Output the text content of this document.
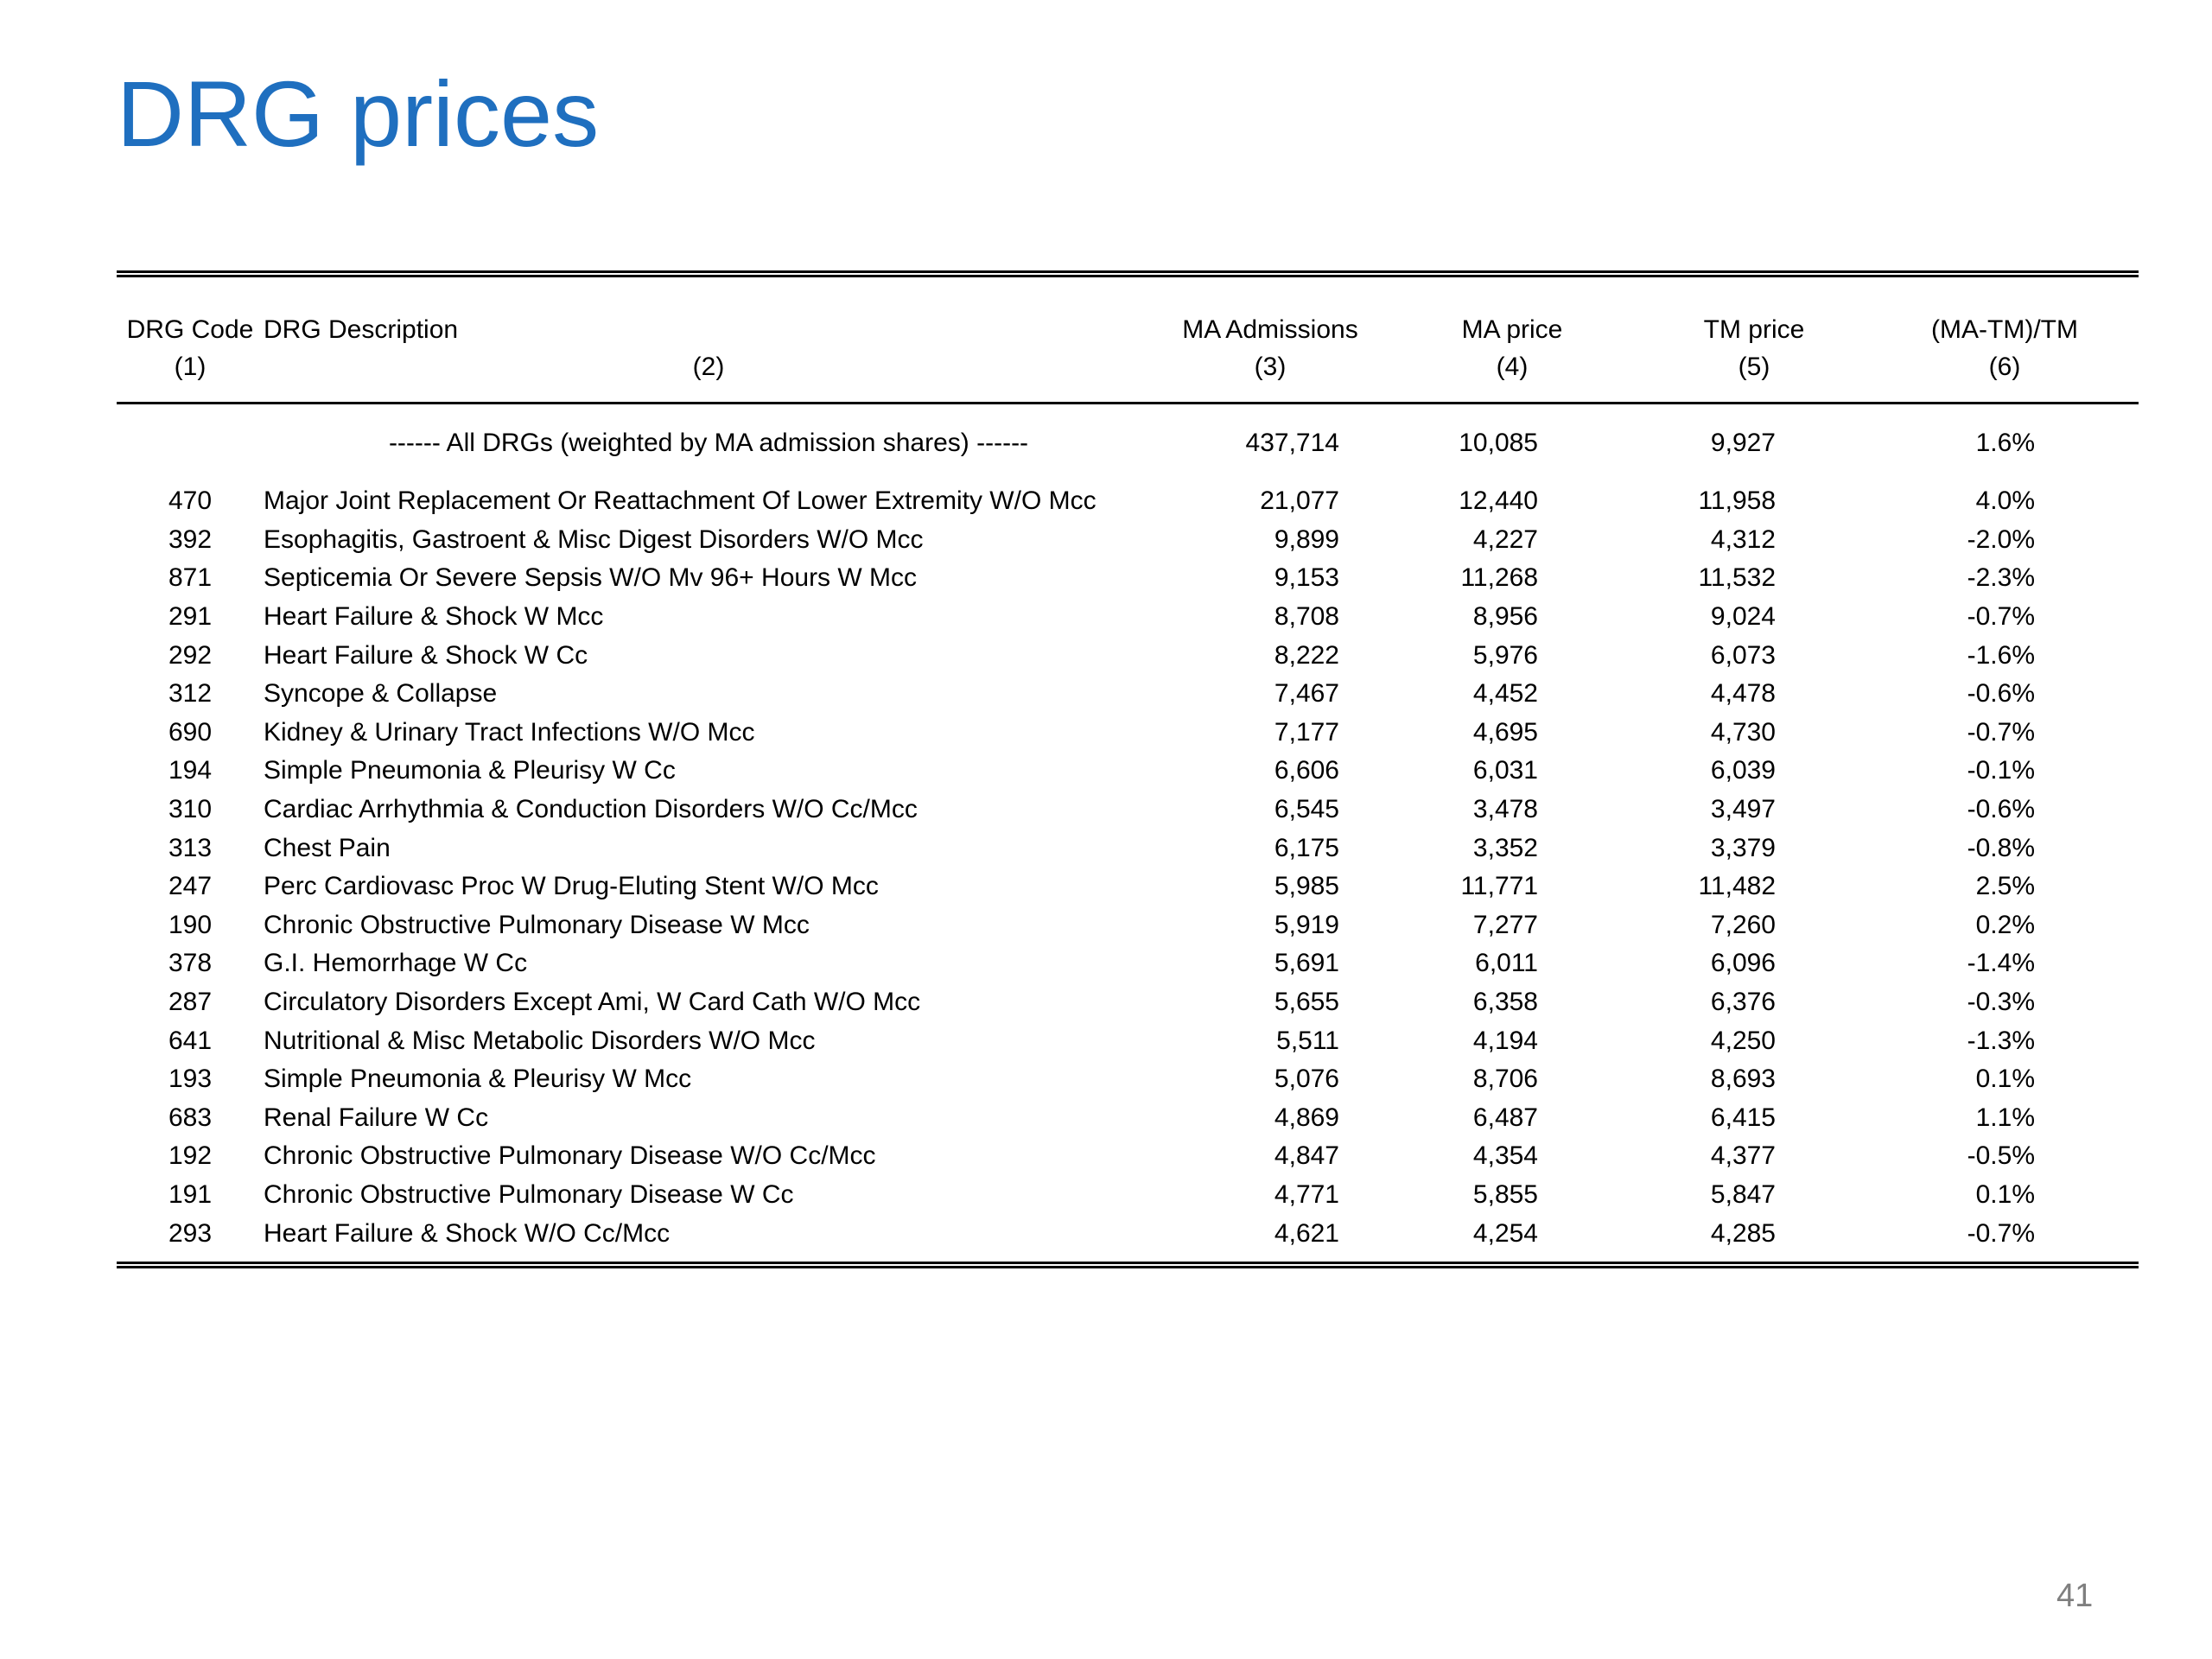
DRG prices
DRG Code	DRG Description	MA Admissions	MA price	TM price	(MA-TM)/TM
(1)	(2)	(3)	(4)	(5)	(6)
	------ All DRGs (weighted by MA admission shares) ------	437,714	10,085	9,927	1.6%
470	Major Joint Replacement Or Reattachment Of Lower Extremity W/O Mcc	21,077	12,440	11,958	4.0%
392	Esophagitis, Gastroent & Misc Digest Disorders W/O Mcc	9,899	4,227	4,312	-2.0%
871	Septicemia Or Severe Sepsis W/O Mv 96+ Hours W Mcc	9,153	11,268	11,532	-2.3%
291	Heart Failure & Shock W Mcc	8,708	8,956	9,024	-0.7%
292	Heart Failure & Shock W Cc	8,222	5,976	6,073	-1.6%
312	Syncope & Collapse	7,467	4,452	4,478	-0.6%
690	Kidney & Urinary Tract Infections W/O Mcc	7,177	4,695	4,730	-0.7%
194	Simple Pneumonia & Pleurisy W Cc	6,606	6,031	6,039	-0.1%
310	Cardiac Arrhythmia & Conduction Disorders W/O Cc/Mcc	6,545	3,478	3,497	-0.6%
313	Chest Pain	6,175	3,352	3,379	-0.8%
247	Perc Cardiovasc Proc W Drug-Eluting Stent W/O Mcc	5,985	11,771	11,482	2.5%
190	Chronic Obstructive Pulmonary Disease W Mcc	5,919	7,277	7,260	0.2%
378	G.I. Hemorrhage W Cc	5,691	6,011	6,096	-1.4%
287	Circulatory Disorders Except Ami, W Card Cath W/O Mcc	5,655	6,358	6,376	-0.3%
641	Nutritional & Misc Metabolic Disorders W/O Mcc	5,511	4,194	4,250	-1.3%
193	Simple Pneumonia & Pleurisy W Mcc	5,076	8,706	8,693	0.1%
683	Renal Failure W Cc	4,869	6,487	6,415	1.1%
192	Chronic Obstructive Pulmonary Disease W/O Cc/Mcc	4,847	4,354	4,377	-0.5%
191	Chronic Obstructive Pulmonary Disease W Cc	4,771	5,855	5,847	0.1%
293	Heart Failure & Shock W/O Cc/Mcc	4,621	4,254	4,285	-0.7%
41
